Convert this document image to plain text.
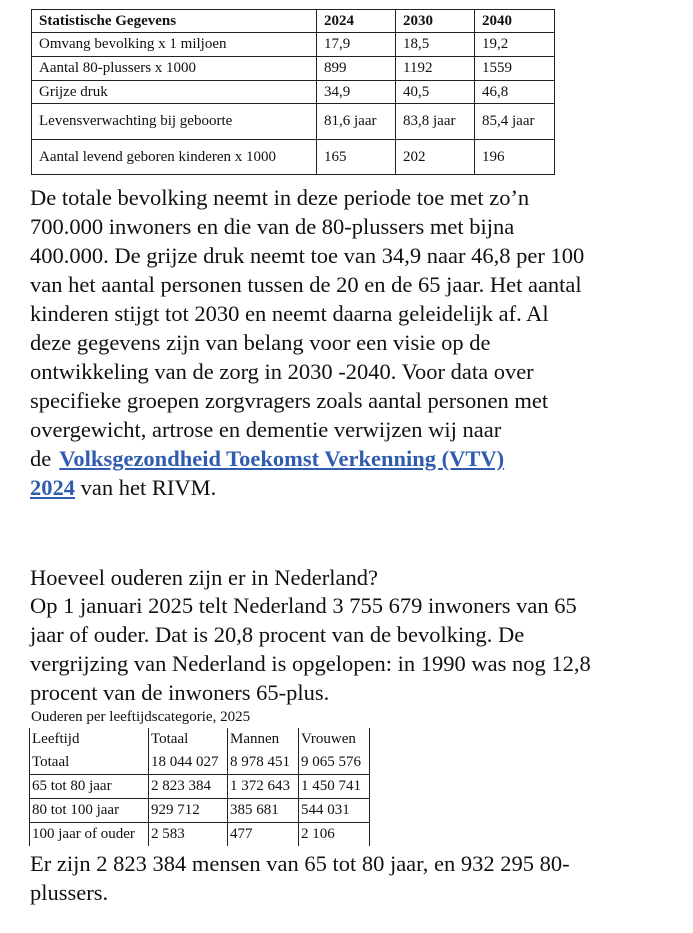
Statistische Gegevens	2024	2030	2040
Omvang bevolking x 1 miljoen	17,9	18,5	19,2
Aantal 80-plussers x 1000	899	1192	1559
Grijze druk	34,9	40,5	46,8
Levensverwachting bij geboorte	81,6 jaar	83,8 jaar	85,4 jaar
Aantal levend geboren kinderen x 1000	165	202	196
De totale bevolking neemt in deze periode toe met zo’n
700.000 inwoners en die van de 80-plussers met bijna
400.000. De grijze druk neemt toe van 34,9 naar 46,8 per 100
van het aantal personen tussen de 20 en de 65 jaar. Het aantal
kinderen stijgt tot 2030 en neemt daarna geleidelijk af. Al
deze gegevens zijn van belang voor een visie op de
ontwikkeling van de zorg in 2030 -2040. Voor data over
specifieke groepen zorgvragers zoals aantal personen met
overgewicht, artrose en dementie verwijzen wij naar
de Volksgezondheid Toekomst Verkenning (VTV)
2024 van het RIVM.
Hoeveel ouderen zijn er in Nederland?
Op 1 januari 2025 telt Nederland 3 755 679 inwoners van 65
jaar of ouder. Dat is 20,8 procent van de bevolking. De
vergrijzing van Nederland is opgelopen: in 1990 was nog 12,8
procent van de inwoners 65-plus.
Ouderen per leeftijdscategorie, 2025
Leeftijd	Totaal	Mannen	Vrouwen
Totaal	18 044 027	8 978 451	9 065 576
65 tot 80 jaar	2 823 384	1 372 643	1 450 741
80 tot 100 jaar	929 712	385 681	544 031
100 jaar of ouder	2 583	477	2 106
Er zijn 2 823 384 mensen van 65 tot 80 jaar, en 932 295 80-
plussers.
